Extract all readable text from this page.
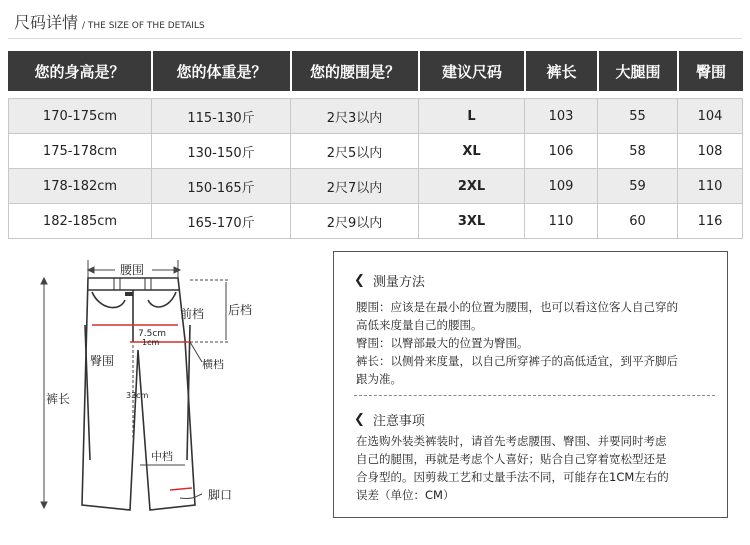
尺码详情 / THE SIZE OF THE DETAILS
您的身高是？	您的体重是？	您的腰围是？	建议尺码	裤长	大腿围	臀围

170-175cm	115-130斤	2尺3以内	L	103	55	104
175-178cm	130-150斤	2尺5以内	XL	106	58	108
178-182cm	150-165斤	2尺7以内	2XL	109	59	110
182-185cm	165-170斤	2尺9以内	3XL	110	60	116
腰围
后档
前档
7.5cm
1cm
臀围	横档
裤长	33cm
中档
脚口
❮ 测量方法
腰围：应该是在最小的位置为腰围，也可以看这位客人自己穿的
高低来度量自己的腰围。
臀围：以臀部最大的位置为臀围。
裤长：以侧骨来度量，以自己所穿裤子的高低适宜，到平齐脚后
跟为准。
❮ 注意事项
在选购外装类裤装时，请首先考虑腰围、臀围、并要同时考虑
自己的腿围，再就是考虑个人喜好；贴合自己穿着宽松型还是
合身型的。因剪裁工艺和丈量手法不同，可能存在1CM左右的
误差（单位：CM）
